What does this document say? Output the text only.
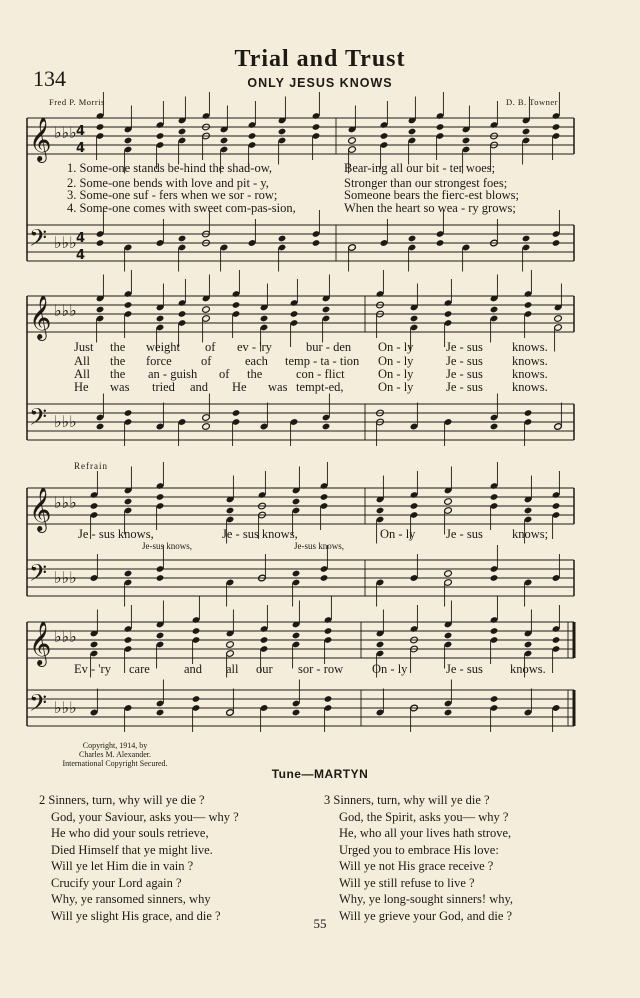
Trial and Trust
134	ONLY JESUS KNOWS
Fred P. Morris	D. B. Towner
𝄞
𝄢
♭♭♭
♭♭♭
4
4
4
4
𝄞
𝄢
♭♭♭
♭♭♭
𝄞
𝄢
♭♭♭
♭♭♭
𝄞
𝄢
♭♭♭
♭♭♭
1. Some-one stands be-hind the shad-ow,
2. Some-one bends with love and pit - y,
3. Some-one suf - fers when we sor - row;
4. Some-one comes with sweet com-pas-sion,
Bear-ing all our bit - ter woes;
Stronger than our strongest foes;
Someone bears the fierc-est blows;
When the heart so wea - ry grows;
Just the weight of ev - 'ry	bur - den On - ly	Je - sus knows.
All the force of	each temp - ta - tion On - ly	Je - sus knows.
All the an - guish of the	con - flict	On - ly	Je - sus knows.
He was tried and He was tempt-ed,	On - ly	Je - sus knows.
Refrain
Je - sus knows,	Je - sus knows,	On - ly Je - sus knows;
Je-sus knows,	Je-sus knows,
Ev - 'ry care	and all our sor - row On - ly	Je - sus knows.
Copyright, 1914, by
Charles M. Alexander.
International Copyright Secured.
Tune—MARTYN
2 Sinners, turn, why will ye die ?
God, your Saviour, asks you— why ?
He who did your souls retrieve,
Died Himself that ye might live.
Will ye let Him die in vain ?
Crucify your Lord again ?
Why, ye ransomed sinners, why
Will ye slight His grace, and die ?
3 Sinners, turn, why will ye die ?
God, the Spirit, asks you— why ?
He, who all your lives hath strove,
Urged you to embrace His love:
Will ye not His grace receive ?
Will ye still refuse to live ?
Why, ye long-sought sinners! why,
Will ye grieve your God, and die ?
55
